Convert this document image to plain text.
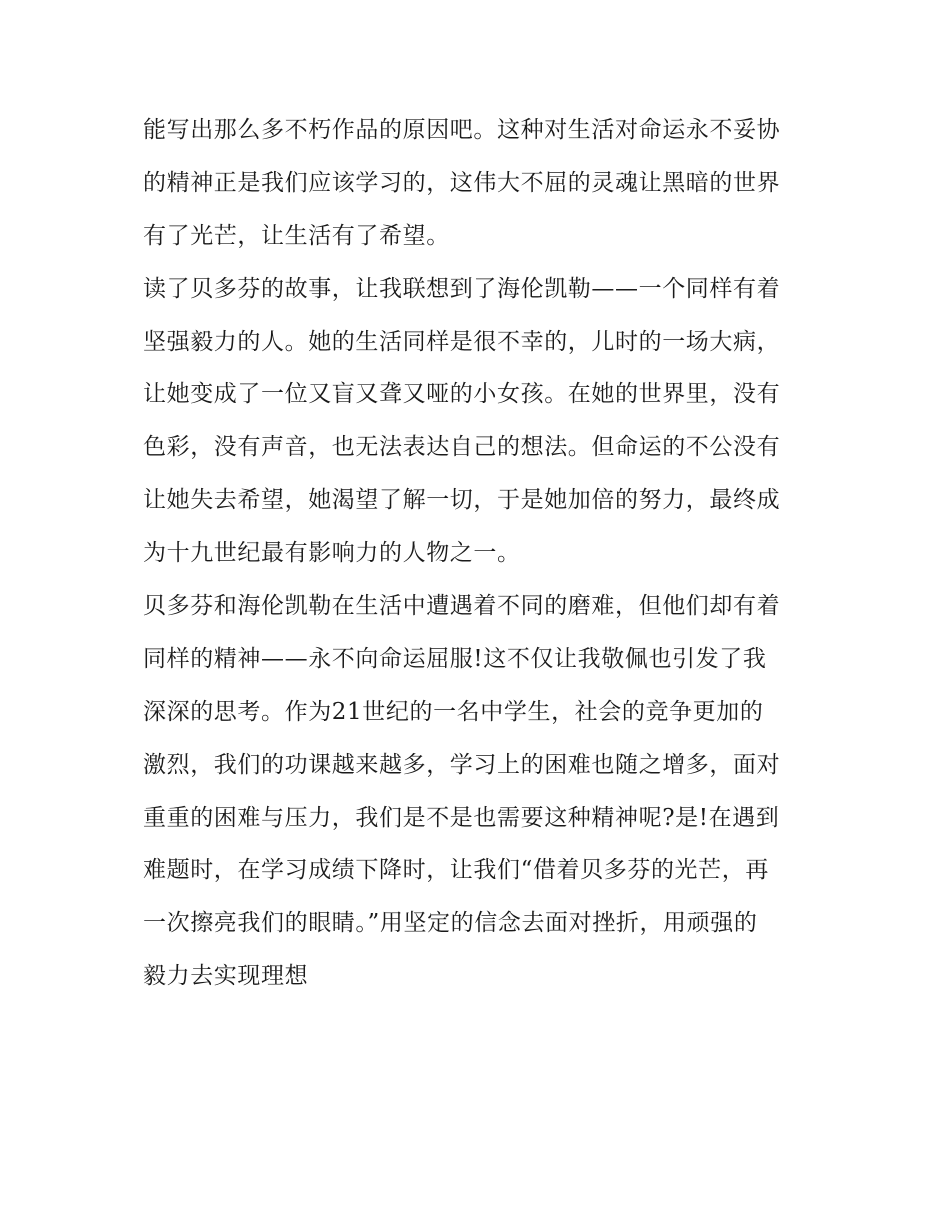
能写出那么多不朽作品的原因吧。这种对生活对命运永不妥协
的精神正是我们应该学习的，这伟大不屈的灵魂让黑暗的世界
有了光芒，让生活有了希望。
读了贝多芬的故事，让我联想到了海伦凯勒——一个同样有着
坚强毅力的人。她的生活同样是很不幸的，儿时的一场大病，
让她变成了一位又盲又聋又哑的小女孩。在她的世界里，没有
色彩，没有声音，也无法表达自己的想法。但命运的不公没有
让她失去希望，她渴望了解一切，于是她加倍的努力，最终成
为十九世纪最有影响力的人物之一。
贝多芬和海伦凯勒在生活中遭遇着不同的磨难，但他们却有着
同样的精神——永不向命运屈服!这不仅让我敬佩也引发了我
深深的思考。作为21世纪的一名中学生，社会的竞争更加的
激烈，我们的功课越来越多，学习上的困难也随之增多，面对
重重的困难与压力，我们是不是也需要这种精神呢?是!在遇到
难题时，在学习成绩下降时，让我们“借着贝多芬的光芒，再
一次擦亮我们的眼睛。”用坚定的信念去面对挫折，用顽强的
毅力去实现理想
